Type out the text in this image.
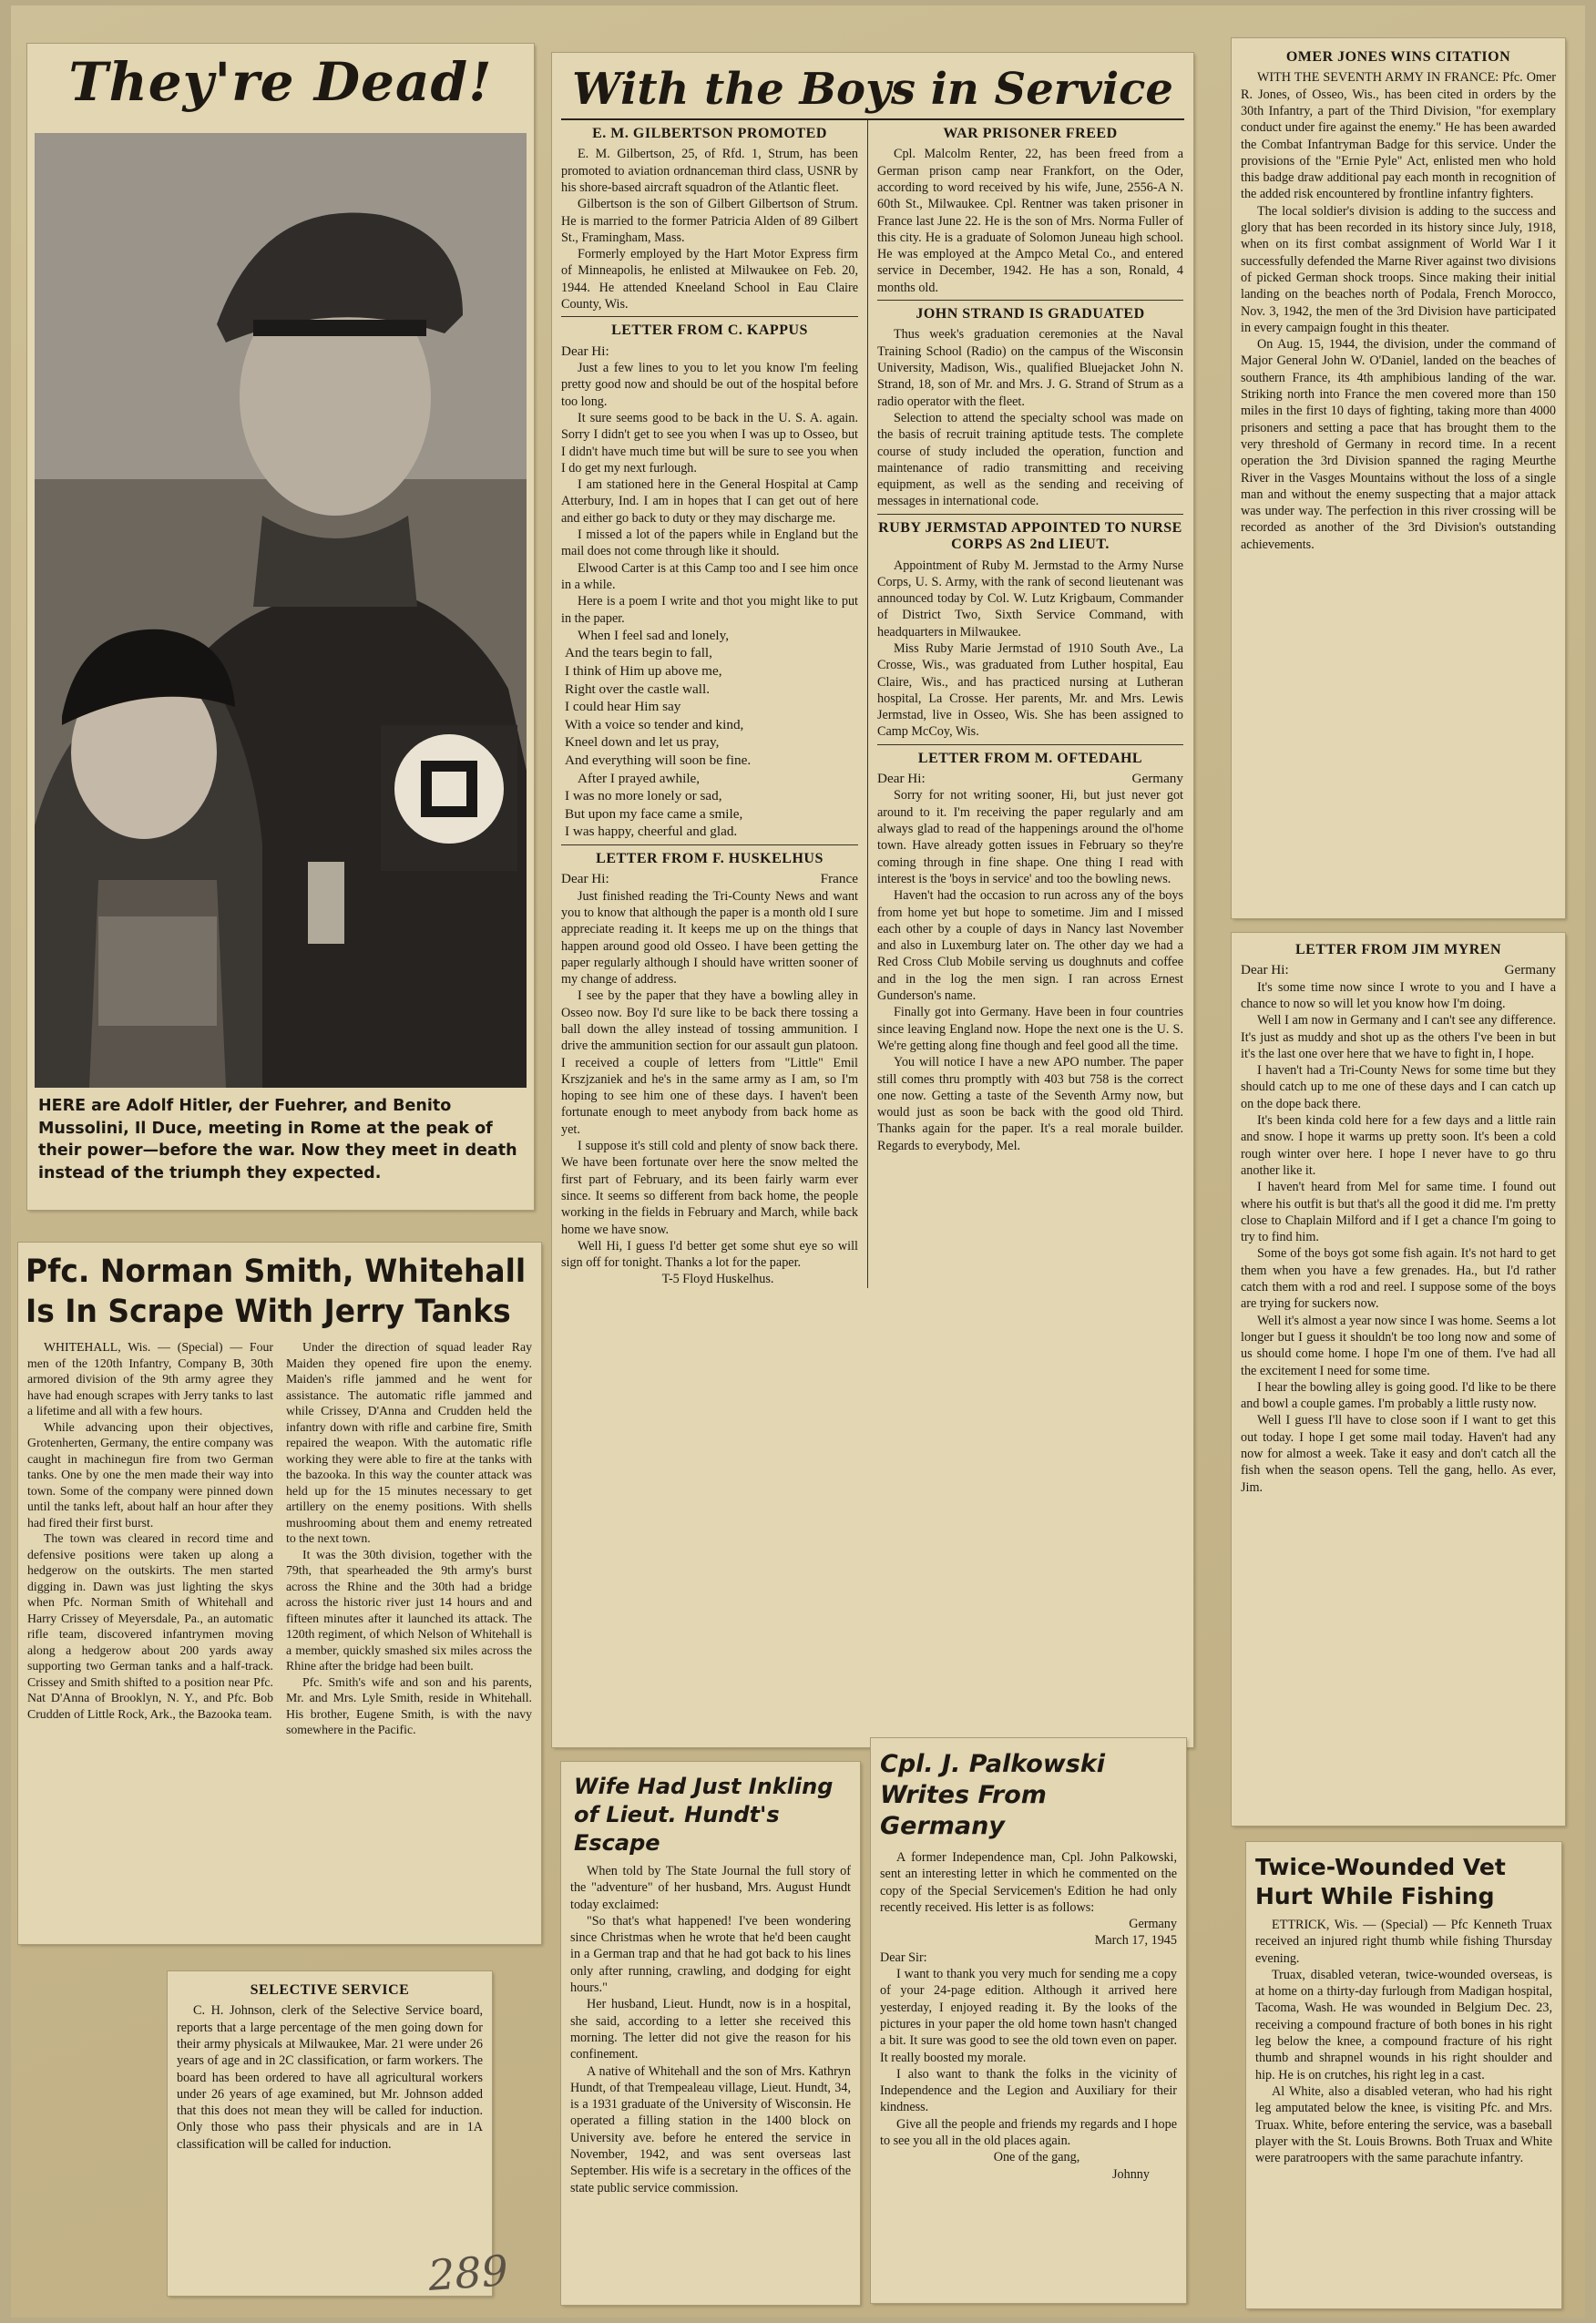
They're Dead!
HERE are Adolf Hitler, der Fuehrer, and Benito Mussolini, Il Duce, meeting in Rome at the peak of their power—before the war. Now they meet in death instead of the triumph they expected.
With the Boys in Service
E. M. GILBERTSON PROMOTED

E. M. Gilbertson, 25, of Rfd. 1, Strum, has been promoted to aviation ordnanceman third class, USNR by his shore-based aircraft squadron of the Atlantic fleet.

Gilbertson is the son of Gilbert Gilbertson of Strum. He is married to the former Patricia Alden of 89 Gilbert St., Framingham, Mass.

Formerly employed by the Hart Motor Express firm of Minneapolis, he enlisted at Milwaukee on Feb. 20, 1944. He attended Kneeland School in Eau Claire County, Wis.

LETTER FROM C. KAPPUS
Dear Hi:

Just a few lines to you to let you know I'm feeling pretty good now and should be out of the hospital before too long.

It sure seems good to be back in the U. S. A. again. Sorry I didn't get to see you when I was up to Osseo, but I didn't have much time but will be sure to see you when I do get my next furlough.

I am stationed here in the General Hospital at Camp Atterbury, Ind. I am in hopes that I can get out of here and either go back to duty or they may discharge me.

I missed a lot of the papers while in England but the mail does not come through like it should.

Elwood Carter is at this Camp too and I see him once in a while.

Here is a poem I write and thot you might like to put in the paper.

When I feel sad and lonely,
And the tears begin to fall,
I think of Him up above me,
Right over the castle wall.
I could hear Him say
With a voice so tender and kind,
Kneel down and let us pray,
And everything will soon be fine.
After I prayed awhile,
I was no more lonely or sad,
But upon my face came a smile,
I was happy, cheerful and glad.
LETTER FROM F. HUSKELHUS
Dear Hi:	France

Just finished reading the Tri-County News and want you to know that although the paper is a month old I sure appreciate reading it. It keeps me up on the things that happen around good old Osseo. I have been getting the paper regularly although I should have written sooner of my change of address.

I see by the paper that they have a bowling alley in Osseo now. Boy I'd sure like to be back there tossing a ball down the alley instead of tossing ammunition. I drive the ammunition section for our assault gun platoon. I received a couple of letters from "Little" Emil Krszjzaniek and he's in the same army as I am, so I'm hoping to see him one of these days. I haven't been fortunate enough to meet anybody from back home as yet.

I suppose it's still cold and plenty of snow back there. We have been fortunate over here the snow melted the first part of February, and its been fairly warm ever since. It seems so different from back home, the people working in the fields in February and March, while back home we have snow.

Well Hi, I guess I'd better get some shut eye so will sign off for tonight. Thanks a lot for the paper.

T-5 Floyd Huskelhus.

WAR PRISONER FREED

Cpl. Malcolm Renter, 22, has been freed from a German prison camp near Frankfort, on the Oder, according to word received by his wife, June, 2556-A N. 60th St., Milwaukee. Cpl. Rentner was taken prisoner in France last June 22. He is the son of Mrs. Norma Fuller of this city. He is a graduate of Solomon Juneau high school. He was employed at the Ampco Metal Co., and entered service in December, 1942. He has a son, Ronald, 4 months old.

JOHN STRAND IS GRADUATED

Thus week's graduation ceremonies at the Naval Training School (Radio) on the campus of the Wisconsin University, Madison, Wis., qualified Bluejacket John N. Strand, 18, son of Mr. and Mrs. J. G. Strand of Strum as a radio operator with the fleet.

Selection to attend the specialty school was made on the basis of recruit training aptitude tests. The complete course of study included the operation, function and maintenance of radio transmitting and receiving equipment, as well as the sending and receiving of messages in international code.

RUBY JERMSTAD APPOINTED TO NURSE CORPS AS 2nd LIEUT.

Appointment of Ruby M. Jermstad to the Army Nurse Corps, U. S. Army, with the rank of second lieutenant was announced today by Col. W. Lutz Krigbaum, Commander of District Two, Sixth Service Command, with headquarters in Milwaukee.

Miss Ruby Marie Jermstad of 1910 South Ave., La Crosse, Wis., was graduated from Luther hospital, Eau Claire, Wis., and has practiced nursing at Lutheran hospital, La Crosse. Her parents, Mr. and Mrs. Lewis Jermstad, live in Osseo, Wis. She has been assigned to Camp McCoy, Wis.

LETTER FROM M. OFTEDAHL
Dear Hi:	Germany

Sorry for not writing sooner, Hi, but just never got around to it. I'm receiving the paper regularly and am always glad to read of the happenings around the ol'home town. Have already gotten issues in February so they're coming through in fine shape. One thing I read with interest is the 'boys in service' and too the bowling news.

Haven't had the occasion to run across any of the boys from home yet but hope to sometime. Jim and I missed each other by a couple of days in Nancy last November and also in Luxemburg later on. The other day we had a Red Cross Club Mobile serving us doughnuts and coffee and in the log the men sign. I ran across Ernest Gunderson's name.

Finally got into Germany. Have been in four countries since leaving England now. Hope the next one is the U. S. We're getting along fine though and feel good all the time.

You will notice I have a new APO number. The paper still comes thru promptly with 403 but 758 is the correct one now. Getting a taste of the Seventh Army now, but would just as soon be back with the good old Third. Thanks again for the paper. It's a real morale builder. Regards to everybody, Mel.

OMER JONES WINS CITATION

WITH THE SEVENTH ARMY IN FRANCE: Pfc. Omer R. Jones, of Osseo, Wis., has been cited in orders by the 30th Infantry, a part of the Third Division, "for exemplary conduct under fire against the enemy." He has been awarded the Combat Infantryman Badge for this service. Under the provisions of the "Ernie Pyle" Act, enlisted men who hold this badge draw additional pay each month in recognition of the added risk encountered by frontline infantry fighters.

The local soldier's division is adding to the success and glory that has been recorded in its history since July, 1918, when on its first combat assignment of World War I it successfully defended the Marne River against two divisions of picked German shock troops. Since making their initial landing on the beaches north of Podala, French Morocco, Nov. 3, 1942, the men of the 3rd Division have participated in every campaign fought in this theater.

On Aug. 15, 1944, the division, under the command of Major General John W. O'Daniel, landed on the beaches of southern France, its 4th amphibious landing of the war. Striking north into France the men covered more than 150 miles in the first 10 days of fighting, taking more than 4000 prisoners and setting a pace that has brought them to the very threshold of Germany in record time. In a recent operation the 3rd Division spanned the raging Meurthe River in the Vasges Mountains without the loss of a single man and without the enemy suspecting that a major attack was under way. The perfection in this river crossing will be recorded as another of the 3rd Division's outstanding achievements.

LETTER FROM JIM MYREN
Dear Hi:	Germany

It's some time now since I wrote to you and I have a chance to now so will let you know how I'm doing.

Well I am now in Germany and I can't see any difference. It's just as muddy and shot up as the others I've been in but it's the last one over here that we have to fight in, I hope.

I haven't had a Tri-County News for some time but they should catch up to me one of these days and I can catch up on the dope back there.

It's been kinda cold here for a few days and a little rain and snow. I hope it warms up pretty soon. It's been a cold rough winter over here. I hope I never have to go thru another like it.

I haven't heard from Mel for same time. I found out where his outfit is but that's all the good it did me. I'm pretty close to Chaplain Milford and if I get a chance I'm going to try to find him.

Some of the boys got some fish again. It's not hard to get them when you have a few grenades. Ha., but I'd rather catch them with a rod and reel. I suppose some of the boys are trying for suckers now.

Well it's almost a year now since I was home. Seems a lot longer but I guess it shouldn't be too long now and some of us should come home. I hope I'm one of them. I've had all the excitement I need for some time.

I hear the bowling alley is going good. I'd like to be there and bowl a couple games. I'm probably a little rusty now.

Well I guess I'll have to close soon if I want to get this out today. I hope I get some mail today. Haven't had any now for almost a week. Take it easy and don't catch all the fish when the season opens. Tell the gang, hello. As ever, Jim.

Pfc. Norman Smith, Whitehall Is In Scrape With Jerry Tanks

WHITEHALL, Wis. — (Special) — Four men of the 120th Infantry, Company B, 30th armored division of the 9th army agree they have had enough scrapes with Jerry tanks to last a lifetime and all with a few hours.

While advancing upon their objectives, Grotenherten, Germany, the entire company was caught in machinegun fire from two German tanks. One by one the men made their way into town. Some of the company were pinned down until the tanks left, about half an hour after they had fired their first burst.

The town was cleared in record time and defensive positions were taken up along a hedgerow on the outskirts. The men started digging in. Dawn was just lighting the skys when Pfc. Norman Smith of Whitehall and Harry Crissey of Meyersdale, Pa., an automatic rifle team, discovered infantrymen moving along a hedgerow about 200 yards away supporting two German tanks and a half-track. Crissey and Smith shifted to a position near Pfc. Nat D'Anna of Brooklyn, N. Y., and Pfc. Bob Crudden of Little Rock, Ark., the Bazooka team.

Under the direction of squad leader Ray Maiden they opened fire upon the enemy. Maiden's rifle jammed and he went for assistance. The automatic rifle jammed and while Crissey, D'Anna and Crudden held the infantry down with rifle and carbine fire, Smith repaired the weapon. With the automatic rifle working they were able to fire at the tanks with the bazooka. In this way the counter attack was held up for the 15 minutes necessary to get artillery on the enemy positions. With shells mushrooming about them and enemy retreated to the next town.

It was the 30th division, together with the 79th, that spearheaded the 9th army's burst across the Rhine and the 30th had a bridge across the historic river just 14 hours and and fifteen minutes after it launched its attack. The 120th regiment, of which Nelson of Whitehall is a member, quickly smashed six miles across the Rhine after the bridge had been built.

Pfc. Smith's wife and son and his parents, Mr. and Mrs. Lyle Smith, reside in Whitehall. His brother, Eugene Smith, is with the navy somewhere in the Pacific.

SELECTIVE SERVICE

C. H. Johnson, clerk of the Selective Service board, reports that a large percentage of the men going down for their army physicals at Milwaukee, Mar. 21 were under 26 years of age and in 2C classification, or farm workers. The board has been ordered to have all agricultural workers under 26 years of age examined, but Mr. Johnson added that this does not mean they will be called for induction. Only those who pass their physicals and are in 1A classification will be called for induction.

Wife Had Just Inkling of Lieut. Hundt's Escape

When told by The State Journal the full story of the "adventure" of her husband, Mrs. August Hundt today exclaimed:

"So that's what happened! I've been wondering since Christmas when he wrote that he'd been caught in a German trap and that he had got back to his lines only after running, crawling, and dodging for eight hours."

Her husband, Lieut. Hundt, now is in a hospital, she said, according to a letter she received this morning. The letter did not give the reason for his confinement.

A native of Whitehall and the son of Mrs. Kathryn Hundt, of that Trempealeau village, Lieut. Hundt, 34, is a 1931 graduate of the University of Wisconsin. He operated a filling station in the 1400 block on University ave. before he entered the service in November, 1942, and was sent overseas last September. His wife is a secretary in the offices of the state public service commission.

Cpl. J. Palkowski Writes From Germany

A former Independence man, Cpl. John Palkowski, sent an interesting letter in which he commented on the copy of the Special Servicemen's Edition he had only recently received. His letter is as follows:

Germany
March 17, 1945

Dear Sir:

I want to thank you very much for sending me a copy of your 24-page edition. Although it arrived here yesterday, I enjoyed reading it. By the looks of the pictures in your paper the old home town hasn't changed a bit. It sure was good to see the old town even on paper. It really boosted my morale.

I also want to thank the folks in the vicinity of Independence and the Legion and Auxiliary for their kindness.

Give all the people and friends my regards and I hope to see you all in the old places again.

One of the gang,

Johnny

Twice-Wounded Vet Hurt While Fishing

ETTRICK, Wis. — (Special) — Pfc Kenneth Truax received an injured right thumb while fishing Thursday evening.

Truax, disabled veteran, twice-wounded overseas, is at home on a thirty-day furlough from Madigan hospital, Tacoma, Wash. He was wounded in Belgium Dec. 23, receiving a compound fracture of both bones in his right leg below the knee, a compound fracture of his right thumb and shrapnel wounds in his right shoulder and hip. He is on crutches, his right leg in a cast.

Al White, also a disabled veteran, who had his right leg amputated below the knee, is visiting Pfc. and Mrs. Truax. White, before entering the service, was a baseball player with the St. Louis Browns. Both Truax and White were paratroopers with the same parachute infantry.

289
